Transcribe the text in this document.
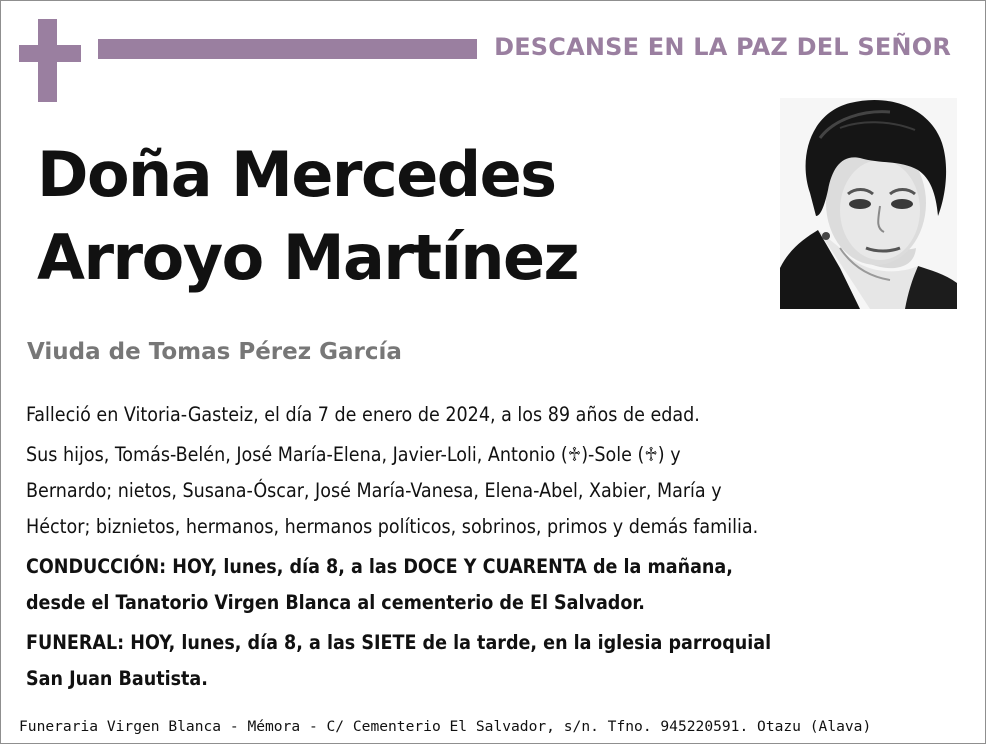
DESCANSE EN LA PAZ DEL SEÑOR
Doña Mercedes
Arroyo Martínez
Viuda de Tomas Pérez García

Falleció en Vitoria-Gasteiz, el día 7 de enero de 2024, a los 89 años de edad.

Sus hijos, Tomás-Belén, José María-Elena, Javier-Loli, Antonio (♱)-Sole (♱) y

Bernardo; nietos, Susana-Óscar, José María-Vanesa, Elena-Abel, Xabier, María y

Héctor; biznietos, hermanos, hermanos políticos, sobrinos, primos y demás familia.

CONDUCCIÓN: HOY, lunes, día 8, a las DOCE Y CUARENTA de la mañana,

desde el Tanatorio Virgen Blanca al cementerio de El Salvador.

FUNERAL: HOY, lunes, día 8, a las SIETE de la tarde, en la iglesia parroquial

San Juan Bautista.

Funeraria Virgen Blanca - Mémora - C/ Cementerio El Salvador, s/n. Tfno. 945220591. Otazu (Alava)
